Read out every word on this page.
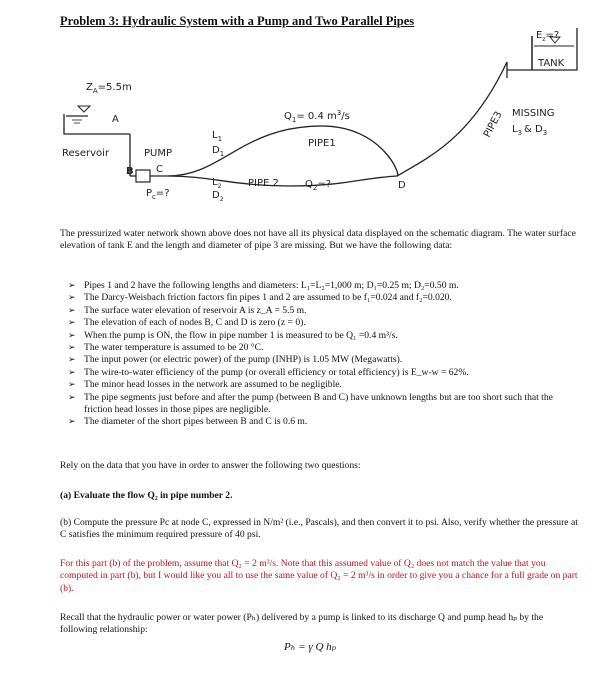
Problem 3: Hydraulic System with a Pump and Two Parallel Pipes
$Z_A=5.5m$
A
Reservoir	PUMP
B C
$P_c=$?
$L_1$
$D_1$
$Q_1= 0.4$ $m^3/s$
PIPE1
$L_2$
$D_2$
PIPE 2	$Q_2=$?	D
PIPE3 MISSING
$L_3$ & $D_3$
$E_z=$?
TANK

The pressurized water network shown above does not have all its physical data displayed on the schematic diagram. The water surface elevation of tank E and the length and diameter of pipe 3 are missing. But we have the following data:

➢ Pipes 1 and 2 have the following lengths and diameters: L₁=L₂=1,000 m; D₁=0.25 m; D₂=0.50 m.
➢ The Darcy-Weisbach friction factors fin pipes 1 and 2 are assumed to be f₁=0.024 and f₂=0.020.
➢ The surface water elevation of reservoir A is z_A = 5.5 m.
➢ The elevation of each of nodes B, C and D is zero (z = 0).
➢ When the pump is ON, the flow in pipe number 1 is measured to be Q₁ =0.4 m³/s.
➢ The water temperature is assumed to be 20 °C.
➢ The input power (or electric power) of the pump (INHP) is 1.05 MW (Megawatts).
➢ The wire-to-water efficiency of the pump (or overall efficiency or total efficiency) is E_w-w = 62%.
➢ The minor head losses in the network are assumed to be negligible.
➢ The pipe segments just before and after the pump (between B and C) have unknown lengths but are too short such that the friction head losses in those pipes are negligible.
➢ The diameter of the short pipes between B and C is 0.6 m.

Rely on the data that you have in order to answer the following two questions:

(a) Evaluate the flow Q₂ in pipe number 2.

(b) Compute the pressure Pc at node C, expressed in N/m² (i.e., Pascals), and then convert it to psi. Also, verify whether the pressure at C satisfies the minimum required pressure of 40 psi.

For this part (b) of the problem, assume that Q₂ = 2 m³/s. Note that this assumed value of Q₂ does not match the value that you computed in part (b), but I would like you all to use the same value of Q₂ = 2 m³/s in order to give you a chance for a full grade on part (b).

Recall that the hydraulic power or water power (Pₕ) delivered by a pump is linked to its discharge Q and pump head hₚ by the following relationship:

Pₕ = γ Q hₚ
